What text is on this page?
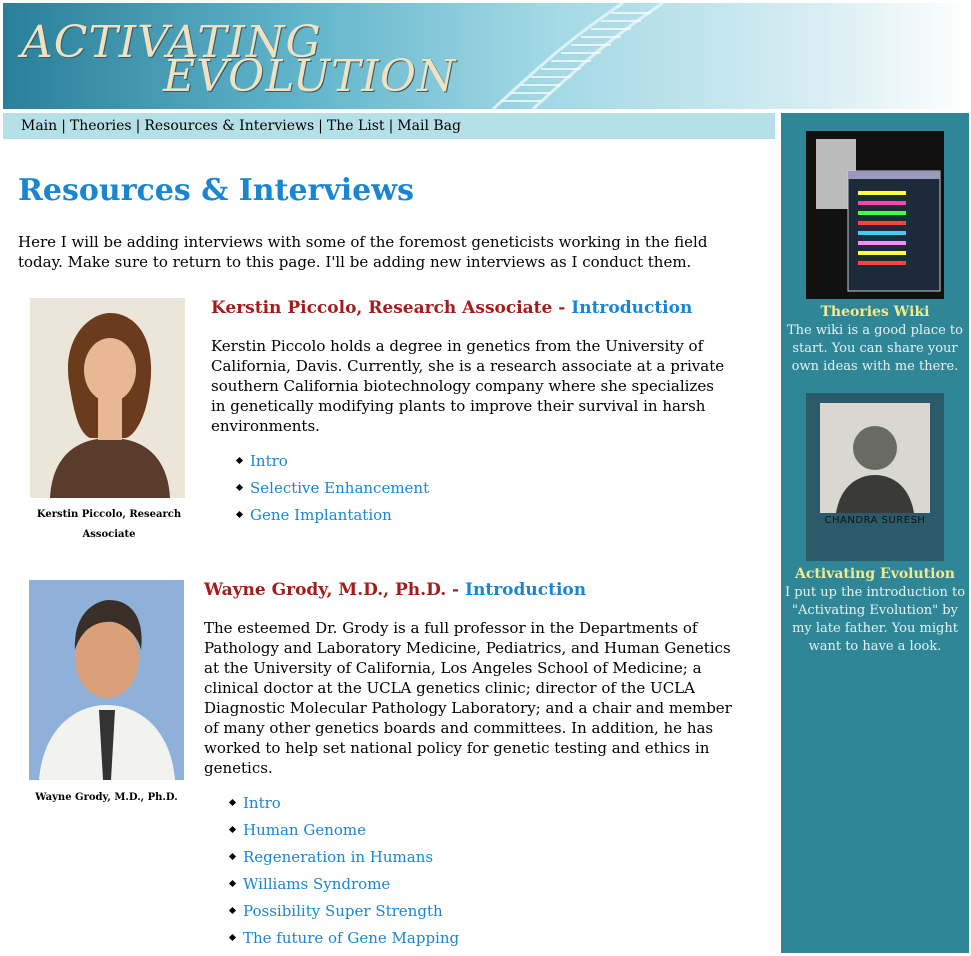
ACTIVATING
EVOLUTION
Main | Theories | Resources & Interviews | The List | Mail Bag
Theories Wiki
The wiki is a good place to start. You can share your own ideas with me there.
CHANDRA SURESH
Activating Evolution
I put up the introduction to "Activating Evolution" by my late father. You might want to have a look.
Resources & Interviews

Here I will be adding interviews with some of the foremost geneticists working in the field today. Make sure to return to this page. I'll be adding new interviews as I conduct them.

Kerstin Piccolo, Research Associate
Kerstin Piccolo, Research Associate - Introduction

Kerstin Piccolo holds a degree in genetics from the University of California, Davis. Currently, she is a research associate at a private southern California biotechnology company where she specializes in genetically modifying plants to improve their survival in harsh environments.

Intro
Selective Enhancement
Gene Implantation
Wayne Grody, M.D., Ph.D.
Wayne Grody, M.D., Ph.D. - Introduction

The esteemed Dr. Grody is a full professor in the Departments of Pathology and Laboratory Medicine, Pediatrics, and Human Genetics at the University of California, Los Angeles School of Medicine; a clinical doctor at the UCLA genetics clinic; director of the UCLA Diagnostic Molecular Pathology Laboratory; and a chair and member of many other genetics boards and committees. In addition, he has worked to help set national policy for genetic testing and ethics in genetics.

Intro
Human Genome
Regeneration in Humans
Williams Syndrome
Possibility Super Strength
The future of Gene Mapping
